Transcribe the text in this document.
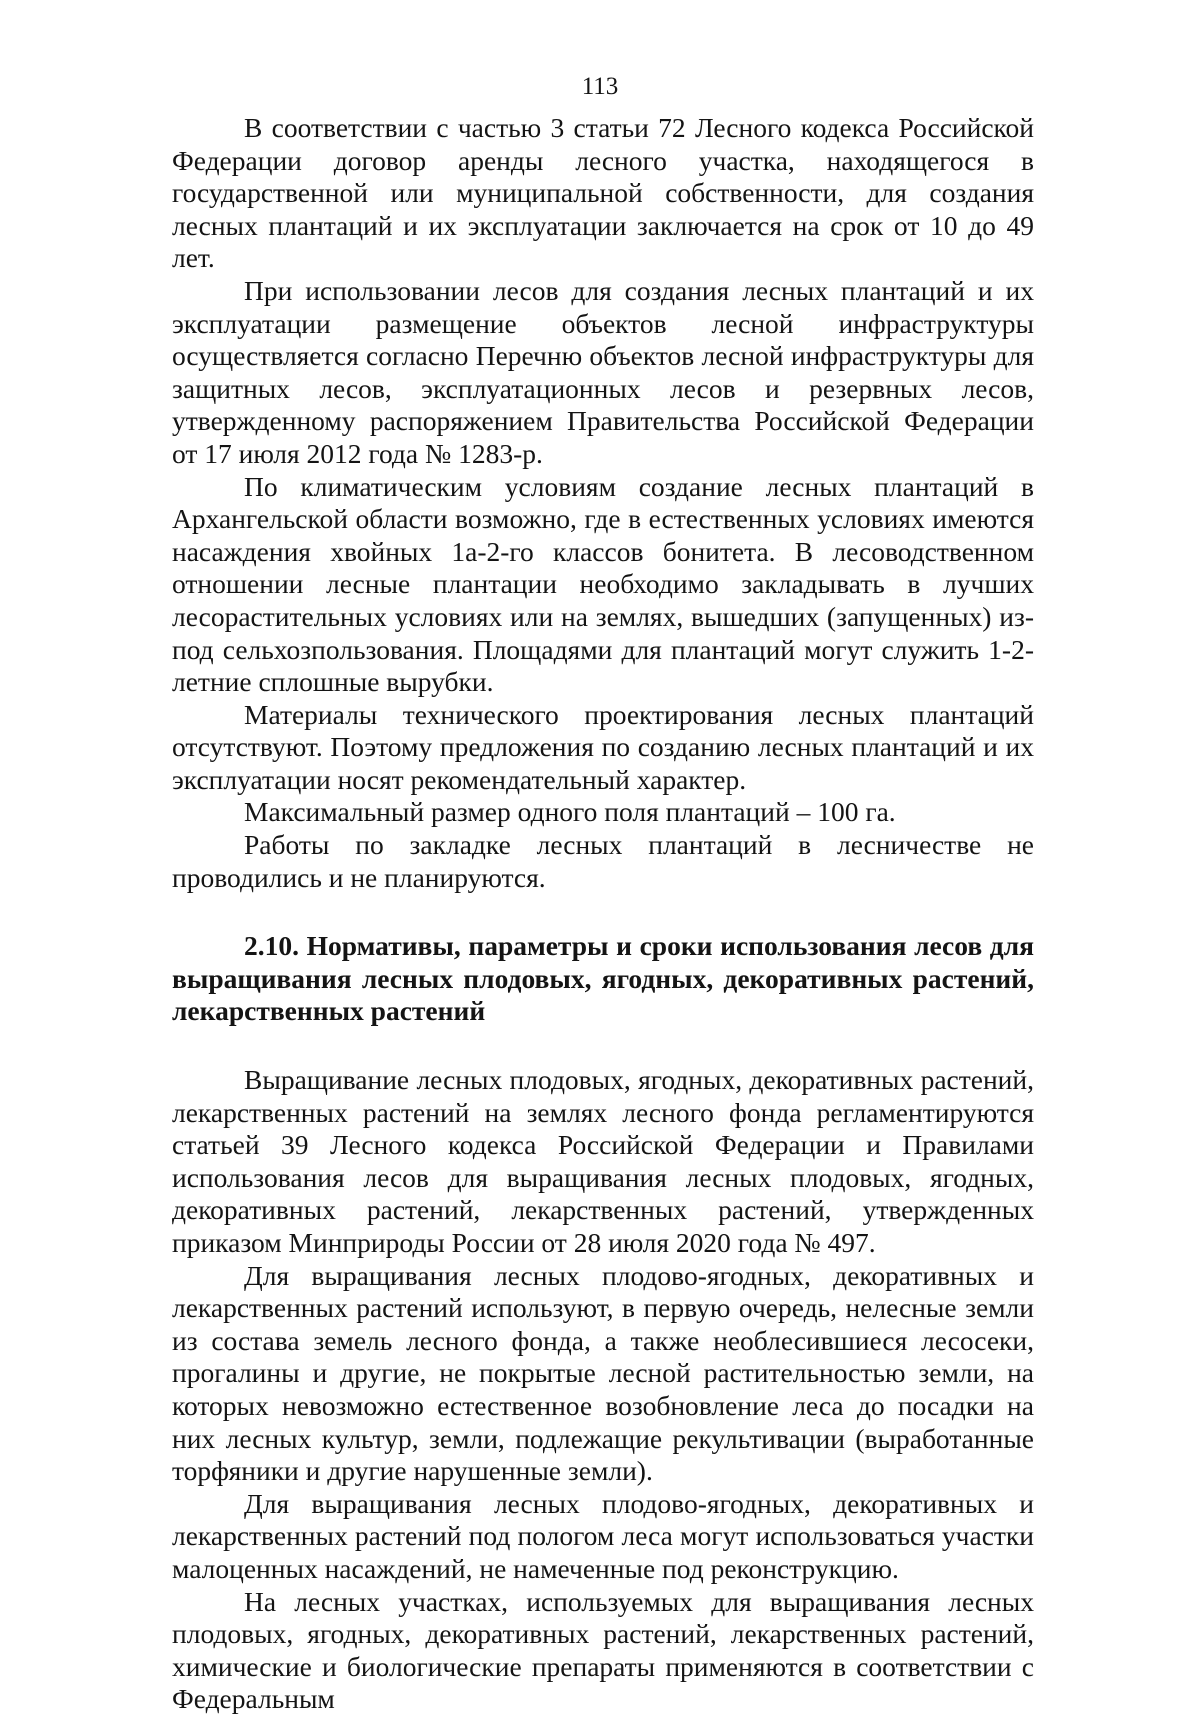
113

В соответствии с частью 3 статьи 72 Лесного кодекса Российской Федерации договор аренды лесного участка, находящегося в государственной или муниципальной собственности, для создания лесных плантаций и их эксплуатации заключается на срок от 10 до 49 лет.

При использовании лесов для создания лесных плантаций и их эксплуатации размещение объектов лесной инфраструктуры осуществляется согласно Перечню объектов лесной инфраструктуры для защитных лесов, эксплуатационных лесов и резервных лесов, утвержденному распоряжением Правительства Российской Федерации от 17 июля 2012 года № 1283-р.

По климатическим условиям создание лесных плантаций в Архангельской области возможно, где в естественных условиях имеются насаждения хвойных 1а-2-го классов бонитета. В лесоводственном отношении лесные плантации необходимо закладывать в лучших лесорастительных условиях или на землях, вышедших (запущенных) из-под сельхозпользования. Площадями для плантаций могут служить 1-2-летние сплошные вырубки.

Материалы технического проектирования лесных плантаций отсутствуют. Поэтому предложения по созданию лесных плантаций и их эксплуатации носят рекомендательный характер.

Максимальный размер одного поля плантаций – 100 га.

Работы по закладке лесных плантаций в лесничестве не проводились и не планируются.

2.10. Нормативы, параметры и сроки использования лесов для выращивания лесных плодовых, ягодных, декоративных растений, лекарственных растений

Выращивание лесных плодовых, ягодных, декоративных растений, лекарственных растений на землях лесного фонда регламентируются статьей 39 Лесного кодекса Российской Федерации и Правилами использования лесов для выращивания лесных плодовых, ягодных, декоративных растений, лекарственных растений, утвержденных приказом Минприроды России от 28 июля 2020 года № 497.

Для выращивания лесных плодово-ягодных, декоративных и лекарственных растений используют, в первую очередь, нелесные земли из состава земель лесного фонда, а также необлесившиеся лесосеки, прогалины и другие, не покрытые лесной растительностью земли, на которых невозможно естественное возобновление леса до посадки на них лесных культур, земли, подлежащие рекультивации (выработанные торфяники и другие нарушенные земли).

Для выращивания лесных плодово-ягодных, декоративных и лекарственных растений под пологом леса могут использоваться участки малоценных насаждений, не намеченные под реконструкцию.

На лесных участках, используемых для выращивания лесных плодовых, ягодных, декоративных растений, лекарственных растений, химические и биологические препараты применяются в соответствии с Федеральным
